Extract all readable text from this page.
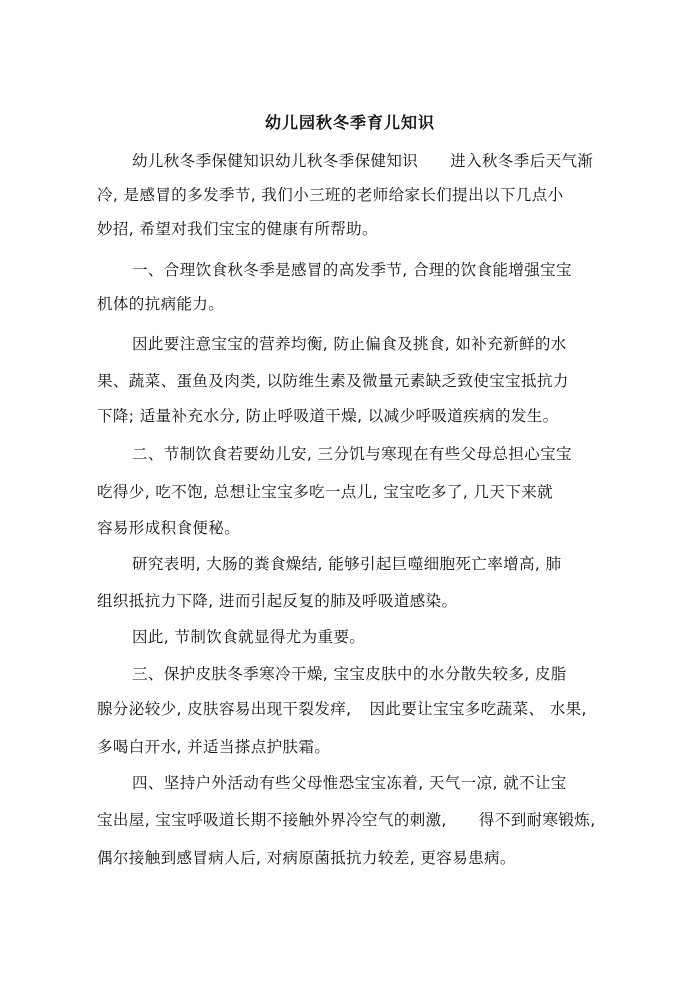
幼儿园秋冬季育儿知识
幼儿秋冬季保健知识幼儿秋冬季保健知识 进入秋冬季后天气渐
冷, 是感冒的多发季节, 我们小三班的老师给家长们提出以下几点小
妙招, 希望对我们宝宝的健康有所帮助。
一、合理饮食秋冬季是感冒的高发季节, 合理的饮食能增强宝宝
机体的抗病能力。
因此要注意宝宝的营养均衡, 防止偏食及挑食, 如补充新鲜的水
果、蔬菜、蛋鱼及肉类, 以防维生素及微量元素缺乏致使宝宝抵抗力
下降; 适量补充水分, 防止呼吸道干燥, 以减少呼吸道疾病的发生。
二、节制饮食若要幼儿安, 三分饥与寒现在有些父母总担心宝宝
吃得少, 吃不饱, 总想让宝宝多吃一点儿, 宝宝吃多了, 几天下来就
容易形成积食便秘。
研究表明, 大肠的粪食燥结, 能够引起巨噬细胞死亡率增高, 肺
组织抵抗力下降, 进而引起反复的肺及呼吸道感染。
因此, 节制饮食就显得尤为重要。
三、保护皮肤冬季寒冷干燥, 宝宝皮肤中的水分散失较多, 皮脂
腺分泌较少, 皮肤容易出现干裂发痒, 因此要让宝宝多吃蔬菜、 水果,
多喝白开水, 并适当搽点护肤霜。
四、坚持户外活动有些父母惟恐宝宝冻着, 天气一凉, 就不让宝
宝出屋, 宝宝呼吸道长期不接触外界冷空气的刺激, 得不到耐寒锻炼,
偶尔接触到感冒病人后, 对病原菌抵抗力较差, 更容易患病。
